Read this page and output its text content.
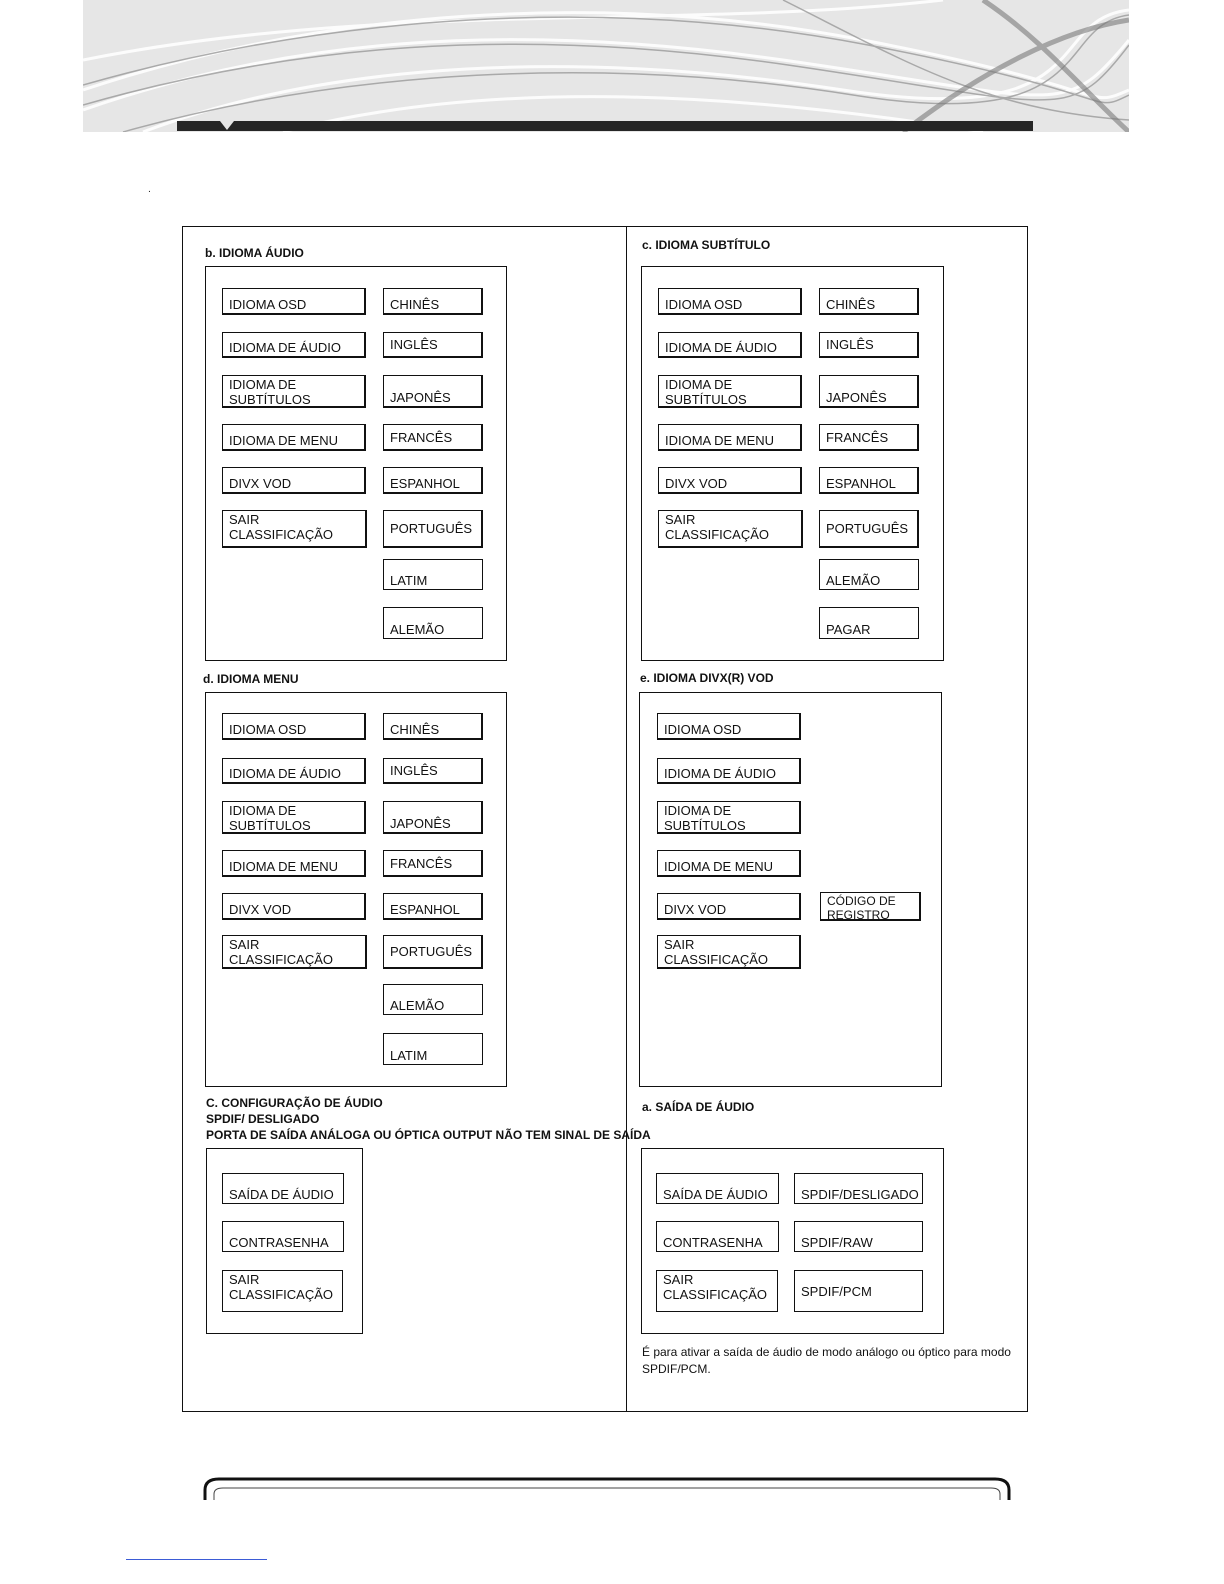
.
b. IDIOMA ÁUDIO
IDIOMA OSD
IDIOMA DE ÁUDIO
IDIOMA DE SUBTÍTULOS
IDIOMA DE MENU
DIVX VOD
SAIR CLASSIFICAÇÃO
CHINÊS
INGLÊS
JAPONÊS
FRANCÊS
ESPANHOL
PORTUGUÊS
LATIM
ALEMÃO
c. IDIOMA SUBTÍTULO
IDIOMA OSD
IDIOMA DE ÁUDIO
IDIOMA DE SUBTÍTULOS
IDIOMA DE MENU
DIVX VOD
SAIR CLASSIFICAÇÃO
CHINÊS
INGLÊS
JAPONÊS
FRANCÊS
ESPANHOL
PORTUGUÊS
ALEMÃO
PAGAR
d. IDIOMA MENU
IDIOMA OSD
IDIOMA DE ÁUDIO
IDIOMA DE SUBTÍTULOS
IDIOMA DE MENU
DIVX VOD
SAIR CLASSIFICAÇÃO
CHINÊS
INGLÊS
JAPONÊS
FRANCÊS
ESPANHOL
PORTUGUÊS
ALEMÃO
LATIM
e. IDIOMA DIVX(R) VOD
IDIOMA OSD
IDIOMA DE ÁUDIO
IDIOMA DE SUBTÍTULOS
IDIOMA DE MENU
DIVX VOD
SAIR CLASSIFICAÇÃO
CÓDIGO DE REGISTRO
C. CONFIGURAÇÃO DE ÁUDIO
SPDIF/ DESLIGADO
PORTA DE SAÍDA ANÁLOGA OU ÓPTICA OUTPUT NÃO TEM SINAL DE SAÍDA
SAÍDA DE ÁUDIO
CONTRASENHA
SAIR CLASSIFICAÇÃO
a. SAÍDA DE ÁUDIO
SAÍDA DE ÁUDIO
CONTRASENHA
SAIR CLASSIFICAÇÃO
SPDIF/DESLIGADO
SPDIF/RAW
SPDIF/PCM
É para ativar a saída de áudio de modo análogo ou óptico para modo SPDIF/PCM.
